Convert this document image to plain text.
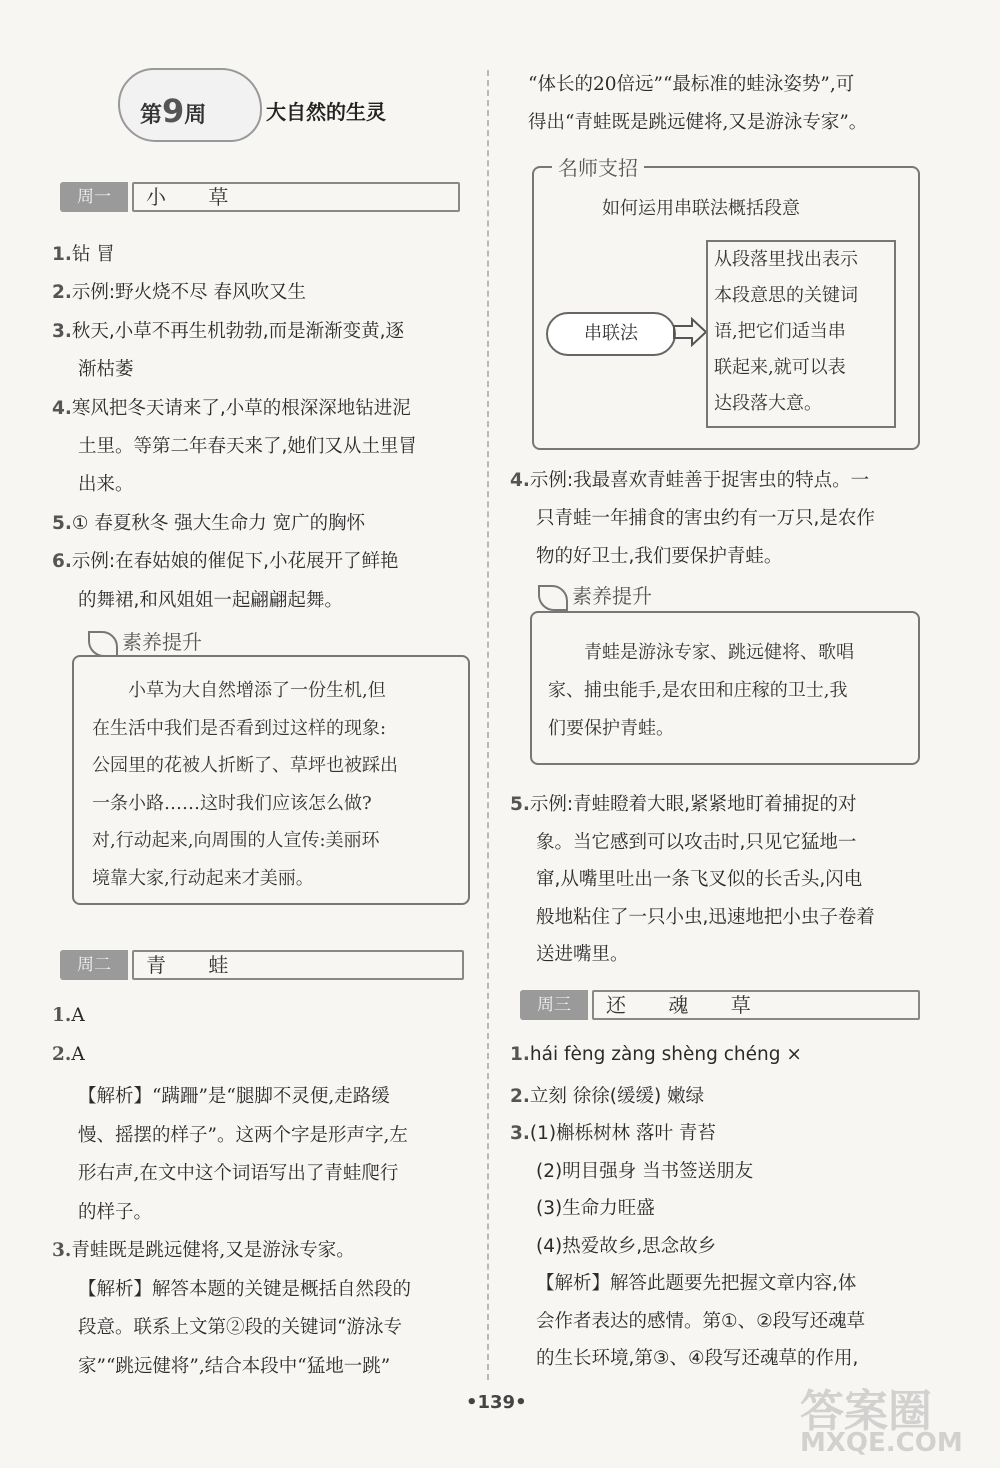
第9周	大自然的生灵
周一	小 草
1.钻 冒
2.示例:野火烧不尽 春风吹又生
3.秋天,小草不再生机勃勃,而是渐渐变黄,逐
渐枯萎
4.寒风把冬天请来了,小草的根深深地钻进泥
土里。等第二年春天来了,她们又从土里冒
出来。
5.① 春夏秋冬 强大生命力 宽广的胸怀
6.示例:在春姑娘的催促下,小花展开了鲜艳
的舞裙,和风姐姐一起翩翩起舞。
素养提升
小草为大自然增添了一份生机,但
在生活中我们是否看到过这样的现象:
公园里的花被人折断了、草坪也被踩出
一条小路……这时我们应该怎么做?
对,行动起来,向周围的人宣传:美丽环
境靠大家,行动起来才美丽。
周二	青 蛙
1.A
2.A
【解析】“蹒跚”是“腿脚不灵便,走路缓
慢、摇摆的样子”。这两个字是形声字,左
形右声,在文中这个词语写出了青蛙爬行
的样子。
3.青蛙既是跳远健将,又是游泳专家。
【解析】解答本题的关键是概括自然段的
段意。联系上文第②段的关键词“游泳专
家”“跳远健将”,结合本段中“猛地一跳”
“体长的20倍远”“最标准的蛙泳姿势”,可
得出“青蛙既是跳远健将,又是游泳专家”。
名师支招
如何运用串联法概括段意
串联法
从段落里找出表示
本段意思的关键词
语,把它们适当串
联起来,就可以表
达段落大意。
4.示例:我最喜欢青蛙善于捉害虫的特点。一
只青蛙一年捕食的害虫约有一万只,是农作
物的好卫士,我们要保护青蛙。
素养提升
青蛙是游泳专家、跳远健将、歌唱
家、捕虫能手,是农田和庄稼的卫士,我
们要保护青蛙。
5.示例:青蛙瞪着大眼,紧紧地盯着捕捉的对
象。当它感到可以攻击时,只见它猛地一
窜,从嘴里吐出一条飞叉似的长舌头,闪电
般地粘住了一只小虫,迅速地把小虫子卷着
送进嘴里。
周三	还 魂 草
1.hái fèng zàng shèng chéng ×
2.立刻 徐徐(缓缓) 嫩绿
3.(1)槲栎树林 落叶 青苔
(2)明目强身 当书签送朋友
(3)生命力旺盛
(4)热爱故乡,思念故乡
【解析】解答此题要先把握文章内容,体
会作者表达的感情。第①、②段写还魂草
的生长环境,第③、④段写还魂草的作用,
•139•	答案圈
MXQE.COM
